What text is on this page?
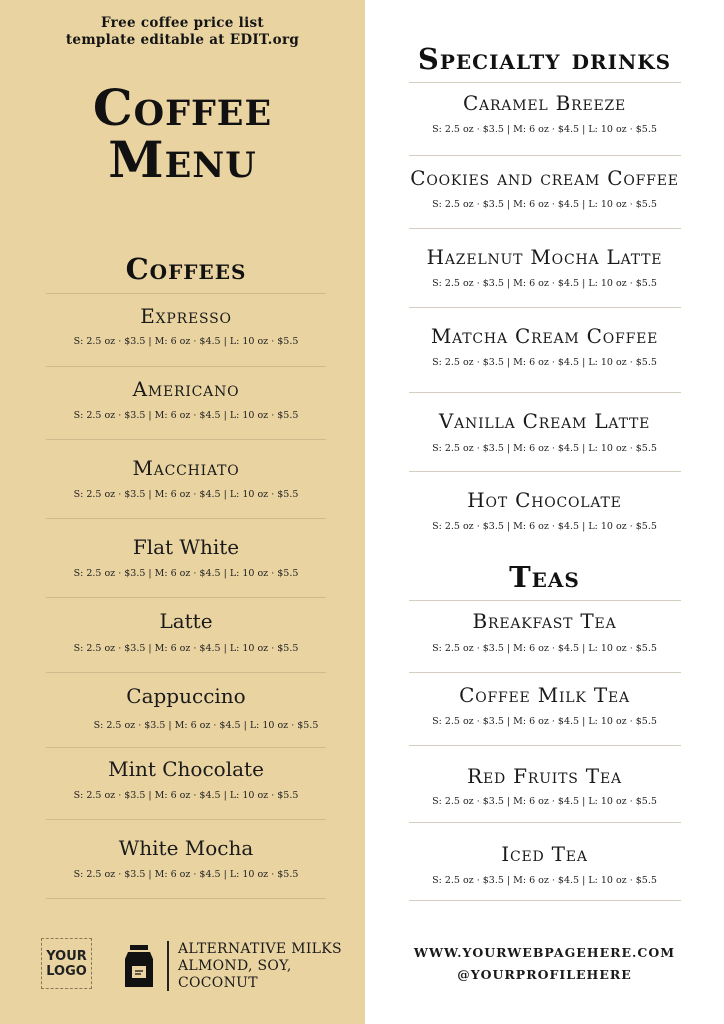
Free coffee price list
template editable at EDIT.org
Coffee
Menu
Coffees
Expresso
S: 2.5 oz · $3.5 | M: 6 oz · $4.5 | L: 10 oz · $5.5
Americano
S: 2.5 oz · $3.5 | M: 6 oz · $4.5 | L: 10 oz · $5.5
Macchiato
S: 2.5 oz · $3.5 | M: 6 oz · $4.5 | L: 10 oz · $5.5
Flat White
S: 2.5 oz · $3.5 | M: 6 oz · $4.5 | L: 10 oz · $5.5
Latte
S: 2.5 oz · $3.5 | M: 6 oz · $4.5 | L: 10 oz · $5.5
Cappuccino
S: 2.5 oz · $3.5 | M: 6 oz · $4.5 | L: 10 oz · $5.5
Mint Chocolate
S: 2.5 oz · $3.5 | M: 6 oz · $4.5 | L: 10 oz · $5.5
White Mocha
S: 2.5 oz · $3.5 | M: 6 oz · $4.5 | L: 10 oz · $5.5
YOUR
LOGO
ALTERNATIVE MILKS
ALMOND, SOY,
COCONUT
Specialty drinks
Caramel Breeze
S: 2.5 oz · $3.5 | M: 6 oz · $4.5 | L: 10 oz · $5.5
Cookies and cream Coffee
S: 2.5 oz · $3.5 | M: 6 oz · $4.5 | L: 10 oz · $5.5
Hazelnut Mocha Latte
S: 2.5 oz · $3.5 | M: 6 oz · $4.5 | L: 10 oz · $5.5
Matcha Cream Coffee
S: 2.5 oz · $3.5 | M: 6 oz · $4.5 | L: 10 oz · $5.5
Vanilla Cream Latte
S: 2.5 oz · $3.5 | M: 6 oz · $4.5 | L: 10 oz · $5.5
Hot Chocolate
S: 2.5 oz · $3.5 | M: 6 oz · $4.5 | L: 10 oz · $5.5
Teas
Breakfast Tea
S: 2.5 oz · $3.5 | M: 6 oz · $4.5 | L: 10 oz · $5.5
Coffee Milk Tea
S: 2.5 oz · $3.5 | M: 6 oz · $4.5 | L: 10 oz · $5.5
Red Fruits Tea
S: 2.5 oz · $3.5 | M: 6 oz · $4.5 | L: 10 oz · $5.5
Iced Tea
S: 2.5 oz · $3.5 | M: 6 oz · $4.5 | L: 10 oz · $5.5
WWW.YOURWEBPAGEHERE.COM
@YOURPROFILEHERE
